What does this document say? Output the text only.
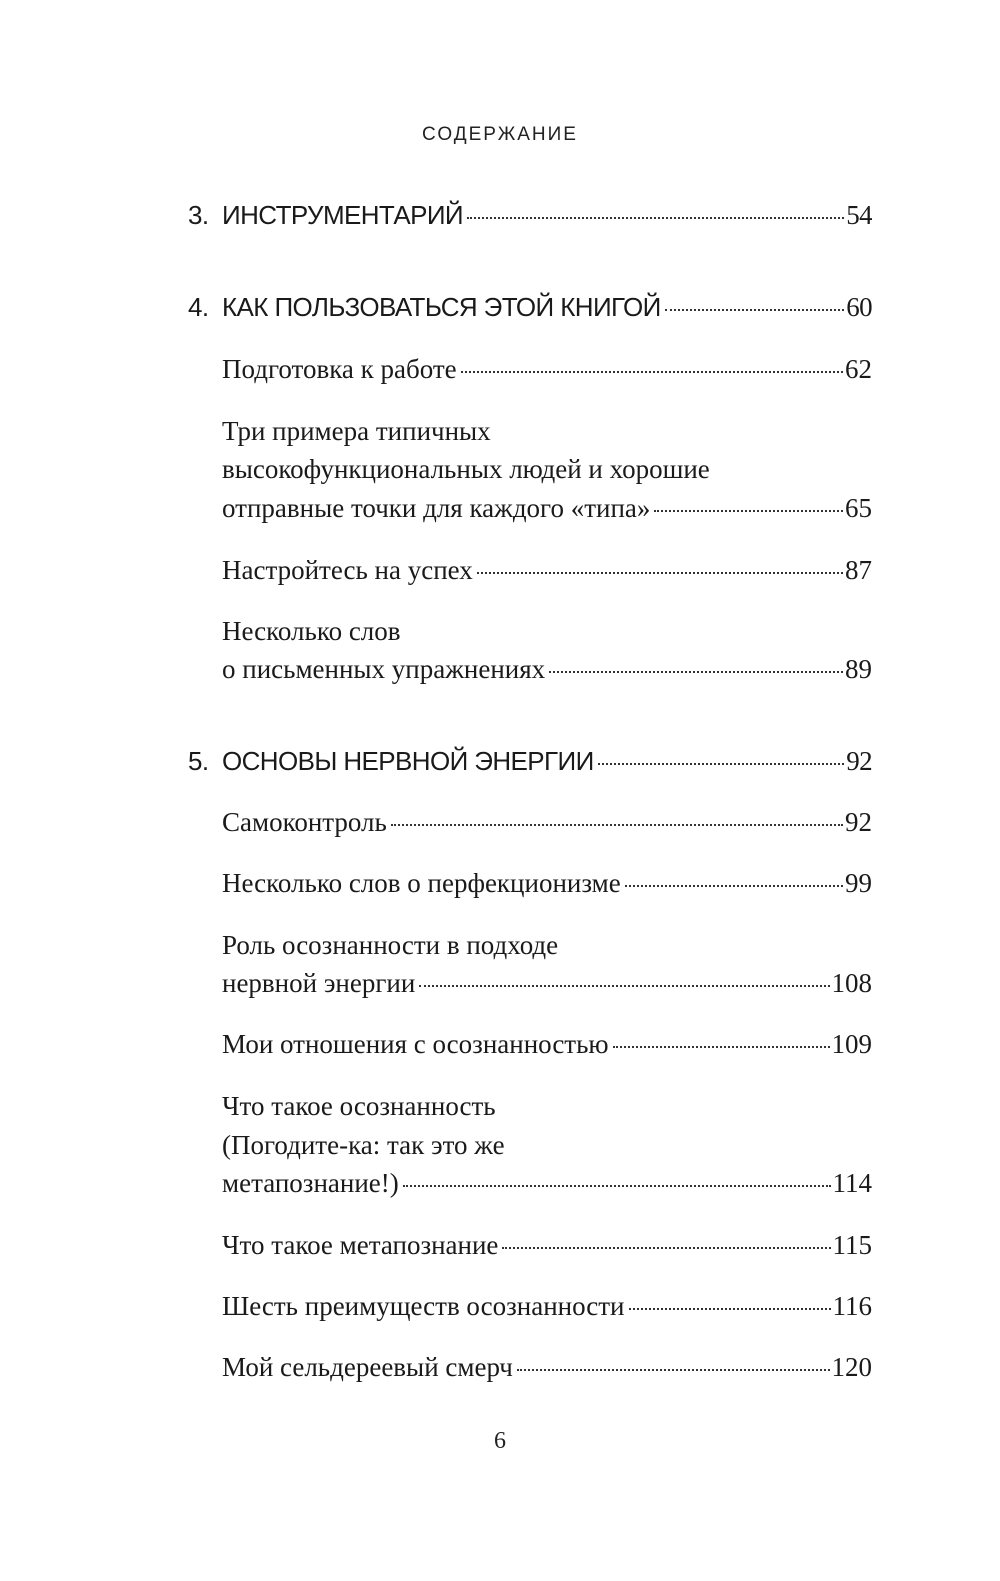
СОДЕРЖАНИЕ
3. ИНСТРУМЕНТАРИЙ	54
4. КАК ПОЛЬЗОВАТЬСЯ ЭТОЙ КНИГОЙ	60
Подготовка к работе	62
Три примера типичных
высокофункциональных людей и хорошие
отправные точки для каждого «типа»	65
Настройтесь на успех	87
Несколько слов
о письменных упражнениях	89
5. ОСНОВЫ НЕРВНОЙ ЭНЕРГИИ	92
Самоконтроль	92
Несколько слов о перфекционизме	99
Роль осознанности в подходе
нервной энергии	108
Мои отношения с осознанностью	109
Что такое осознанность
(Погодите-ка: так это же
метапознание!)	114
Что такое метапознание	115
Шесть преимуществ осознанности	116
Мой сельдереевый смерч	120
6
